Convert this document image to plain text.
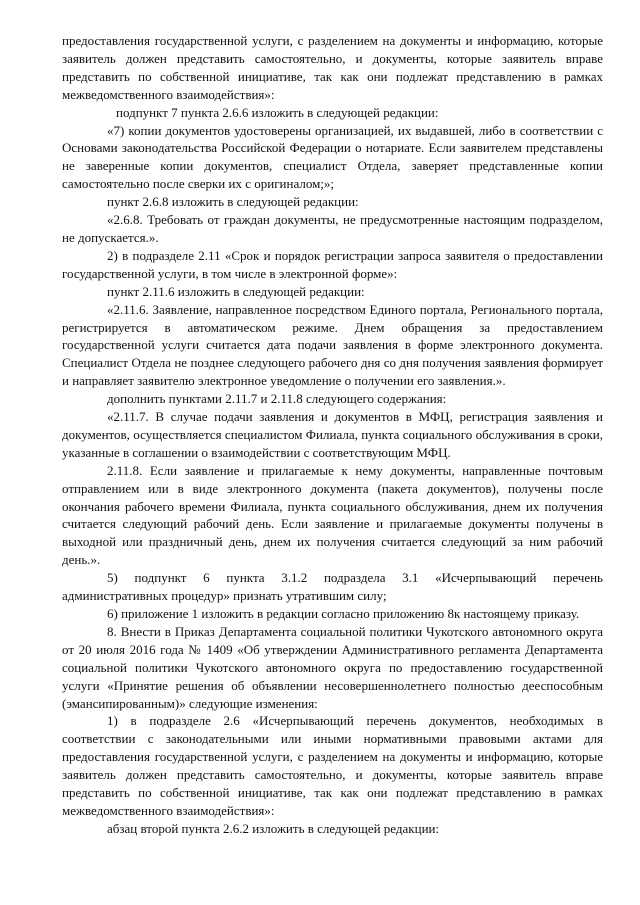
предоставления государственной услуги, с разделением на документы и информацию, которые заявитель должен представить самостоятельно, и документы, которые заявитель вправе представить по собственной инициативе, так как они подлежат представлению в рамках межведомственного взаимодействия»:

подпункт 7 пункта 2.6.6 изложить в следующей редакции:

«7) копии документов удостоверены организацией, их выдавшей, либо в соответствии с Основами законодательства Российской Федерации о нотариате. Если заявителем представлены не заверенные копии документов, специалист Отдела, заверяет представленные копии самостоятельно после сверки их с оригиналом;»;

пункт 2.6.8 изложить в следующей редакции:

«2.6.8. Требовать от граждан документы, не предусмотренные настоящим подразделом, не допускается.».

2) в подразделе 2.11 «Срок и порядок регистрации запроса заявителя о предоставлении государственной услуги, в том числе в электронной форме»:

пункт 2.11.6 изложить в следующей редакции:

«2.11.6. Заявление, направленное посредством Единого портала, Регионального портала, регистрируется в автоматическом режиме. Днем обращения за предоставлением государственной услуги считается дата подачи заявления в форме электронного документа. Специалист Отдела не позднее следующего рабочего дня со дня получения заявления формирует и направляет заявителю электронное уведомление о получении его заявления.».

дополнить пунктами 2.11.7 и 2.11.8 следующего содержания:

«2.11.7. В случае подачи заявления и документов в МФЦ, регистрация заявления и документов, осуществляется специалистом Филиала, пункта социального обслуживания в сроки, указанные в соглашении о взаимодействии с соответствующим МФЦ.

2.11.8. Если заявление и прилагаемые к нему документы, направленные почтовым отправлением или в виде электронного документа (пакета документов), получены после окончания рабочего времени Филиала, пункта социального обслуживания, днем их получения считается следующий рабочий день. Если заявление и прилагаемые документы получены в выходной или праздничный день, днем их получения считается следующий за ним рабочий день.».

5) подпункт 6 пункта 3.1.2 подраздела 3.1 «Исчерпывающий перечень административных процедур» признать утратившим силу;

6) приложение 1 изложить в редакции согласно приложению 8к настоящему приказу.

8. Внести в Приказ Департамента социальной политики Чукотского автономного округа от 20 июля 2016 года № 1409 «Об утверждении Административного регламента Департамента социальной политики Чукотского автономного округа по предоставлению государственной услуги «Принятие решения об объявлении несовершеннолетнего полностью дееспособным (эмансипированным)» следующие изменения:

1) в подразделе 2.6 «Исчерпывающий перечень документов, необходимых в соответствии с законодательными или иными нормативными правовыми актами для предоставления государственной услуги, с разделением на документы и информацию, которые заявитель должен представить самостоятельно, и документы, которые заявитель вправе представить по собственной инициативе, так как они подлежат представлению в рамках межведомственного взаимодействия»:

абзац второй пункта 2.6.2 изложить в следующей редакции:
